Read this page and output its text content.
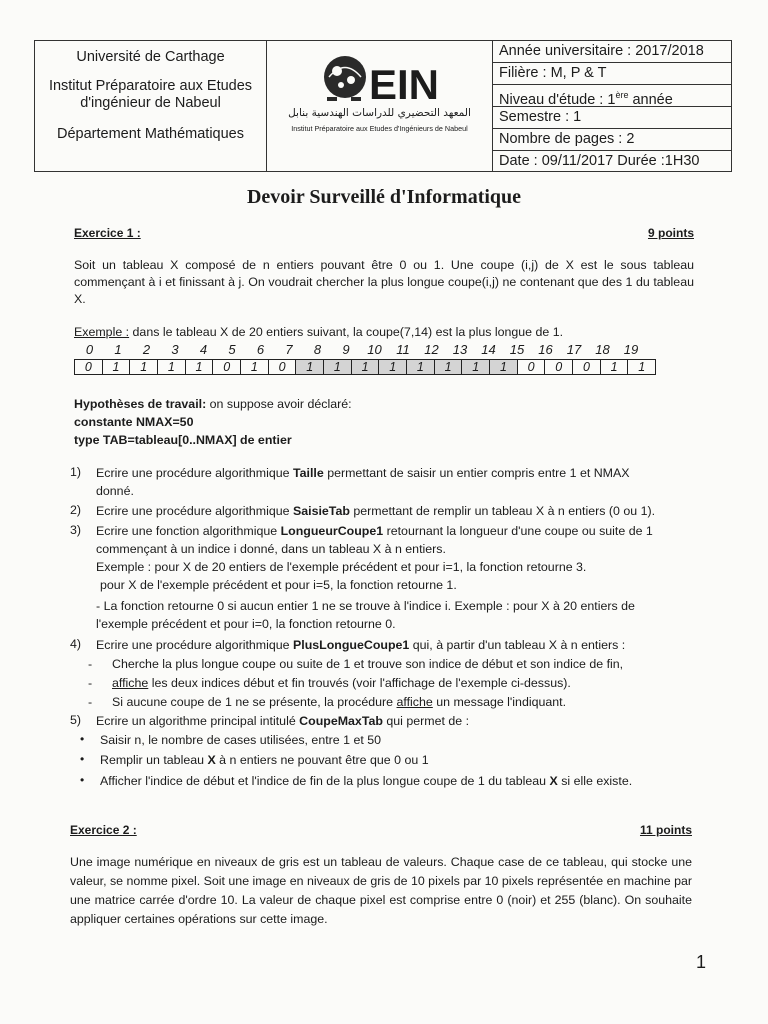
Université de Carthage
Institut Préparatoire aux Etudes
d'ingénieur de Nabeul
Département Mathématiques
EIN
المعهد التحضيري للدراسات الهندسية بنابل
Institut Préparatoire aux Etudes d'Ingénieurs de Nabeul
Année universitaire : 2017/2018
Filière : M, P & T
Niveau d'étude : 1ère année
Semestre : 1
Nombre de pages : 2
Date : 09/11/2017 Durée :1H30
Devoir Surveillé d'Informatique
Exercice 1 :	9 points
Soit un tableau X composé de n entiers pouvant être 0 ou 1. Une coupe (i,j) de X est le sous tableau commençant à i et finissant à j. On voudrait chercher la plus longue coupe(i,j) ne contenant que des 1 du tableau X.
Exemple : dans le tableau X de 20 entiers suivant, la coupe(7,14) est la plus longue de 1.
0	1	2	3	4	5	6	7	8	9	10	11	12	13	14	15	16	17	18	19
0	1	1	1	1	0	1	0	1	1	1	1	1	1	1	1	0	0	0	1	1
Hypothèses de travail: on suppose avoir déclaré:
constante NMAX=50
type TAB=tableau[0..NMAX] de entier
1) Ecrire une procédure algorithmique Taille permettant de saisir un entier compris entre 1 et NMAX
donné.
2) Ecrire une procédure algorithmique SaisieTab permettant de remplir un tableau X à n entiers (0 ou 1).
3) Ecrire une fonction algorithmique LongueurCoupe1 retournant la longueur d'une coupe ou suite de 1
commençant à un indice i donné, dans un tableau X à n entiers.
Exemple : pour X de 20 entiers de l'exemple précédent et pour i=1, la fonction retourne 3.
pour X de l'exemple précédent et pour i=5, la fonction retourne 1.
- La fonction retourne 0 si aucun entier 1 ne se trouve à l'indice i. Exemple : pour X à 20 entiers de
l'exemple précédent et pour i=0, la fonction retourne 0.
4) Ecrire une procédure algorithmique PlusLongueCoupe1 qui, à partir d'un tableau X à n entiers :
- Cherche la plus longue coupe ou suite de 1 et trouve son indice de début et son indice de fin,
- affiche les deux indices début et fin trouvés (voir l'affichage de l'exemple ci-dessus).
- Si aucune coupe de 1 ne se présente, la procédure affiche un message l'indiquant.
5) Ecrire un algorithme principal intitulé CoupeMaxTab qui permet de :
• Saisir n, le nombre de cases utilisées, entre 1 et 50
• Remplir un tableau X à n entiers ne pouvant être que 0 ou 1
• Afficher l'indice de début et l'indice de fin de la plus longue coupe de 1 du tableau X si elle existe.
Exercice 2 :	11 points
Une image numérique en niveaux de gris est un tableau de valeurs. Chaque case de ce tableau, qui stocke une valeur, se nomme pixel. Soit une image en niveaux de gris de 10 pixels par 10 pixels représentée en machine par une matrice carrée d'ordre 10. La valeur de chaque pixel est comprise entre 0 (noir) et 255 (blanc). On souhaite appliquer certaines opérations sur cette image.
1
